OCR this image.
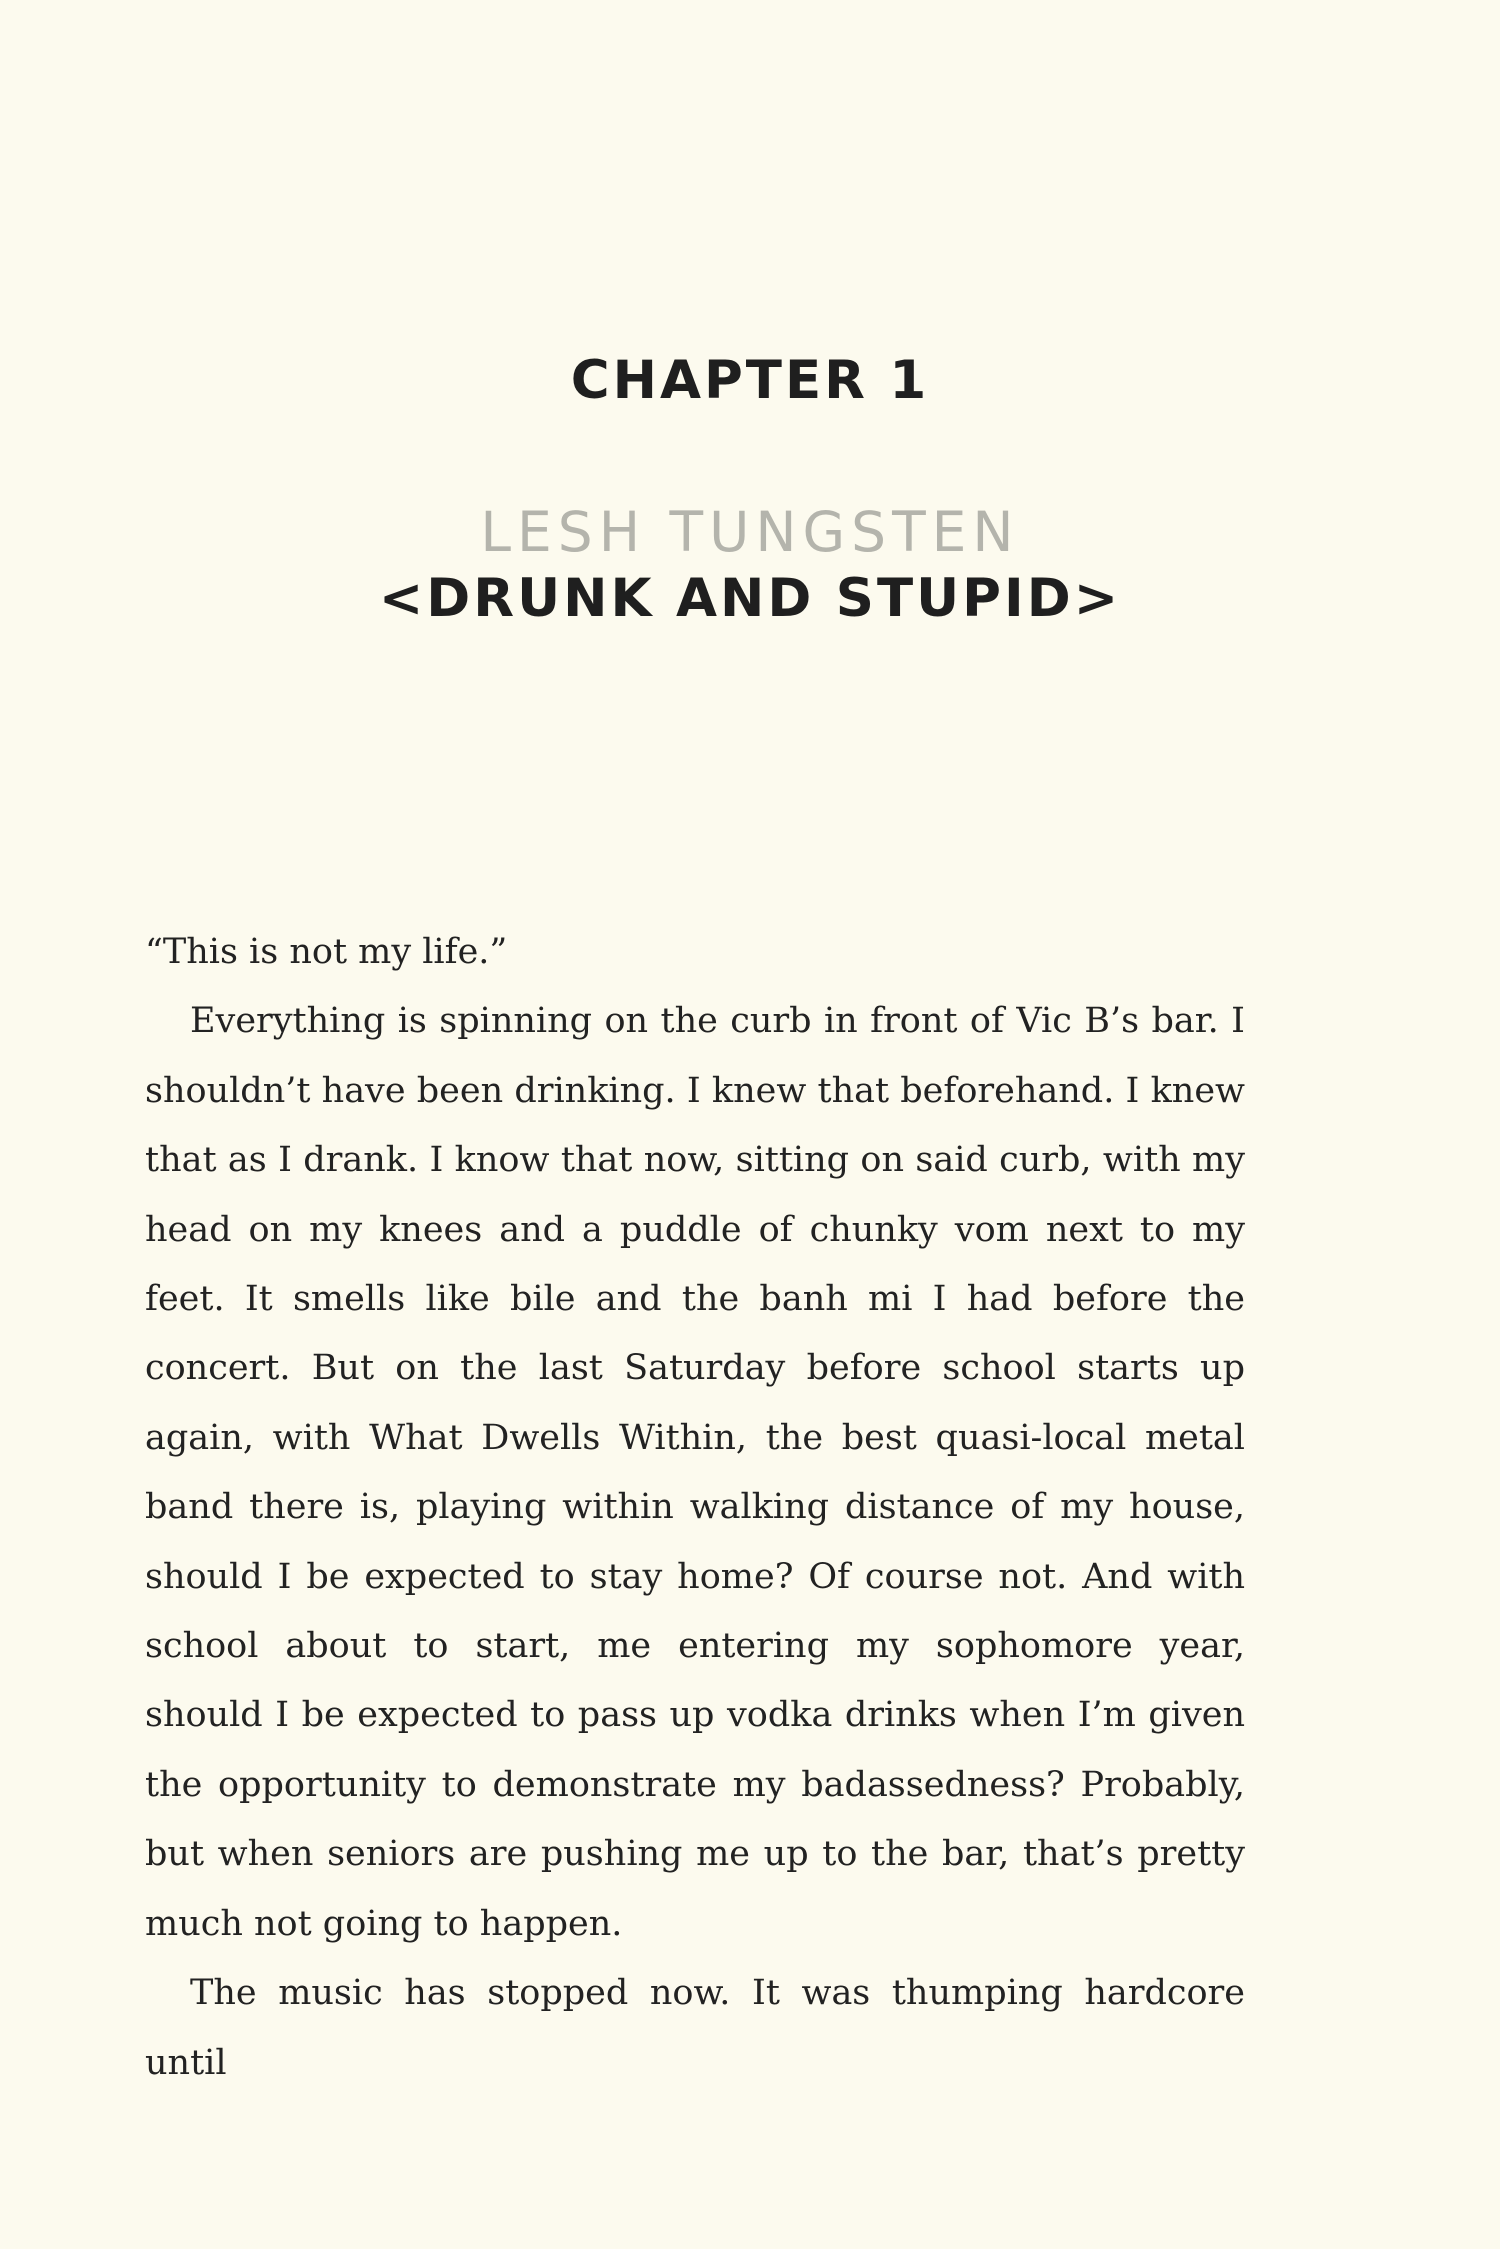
CHAPTER 1
LESH TUNGSTEN
<DRUNK AND STUPID>

“This is not my life.”

Everything is spinning on the curb in front of Vic B’s bar. I shouldn’t have been drinking. I knew that beforehand. I knew that as I drank. I know that now, sitting on said curb, with my head on my knees and a puddle of chunky vom next to my feet. It smells like bile and the banh mi I had before the concert. But on the last Saturday before school starts up again, with What Dwells Within, the best quasi-local metal band there is, playing within walking distance of my house, should I be expected to stay home? Of course not. And with school about to start, me entering my sophomore year, should I be expected to pass up vodka drinks when I’m given the opportunity to demonstrate my badassedness? Probably, but when seniors are pushing me up to the bar, that’s pretty much not going to happen.

The music has stopped now. It was thumping hardcore until
